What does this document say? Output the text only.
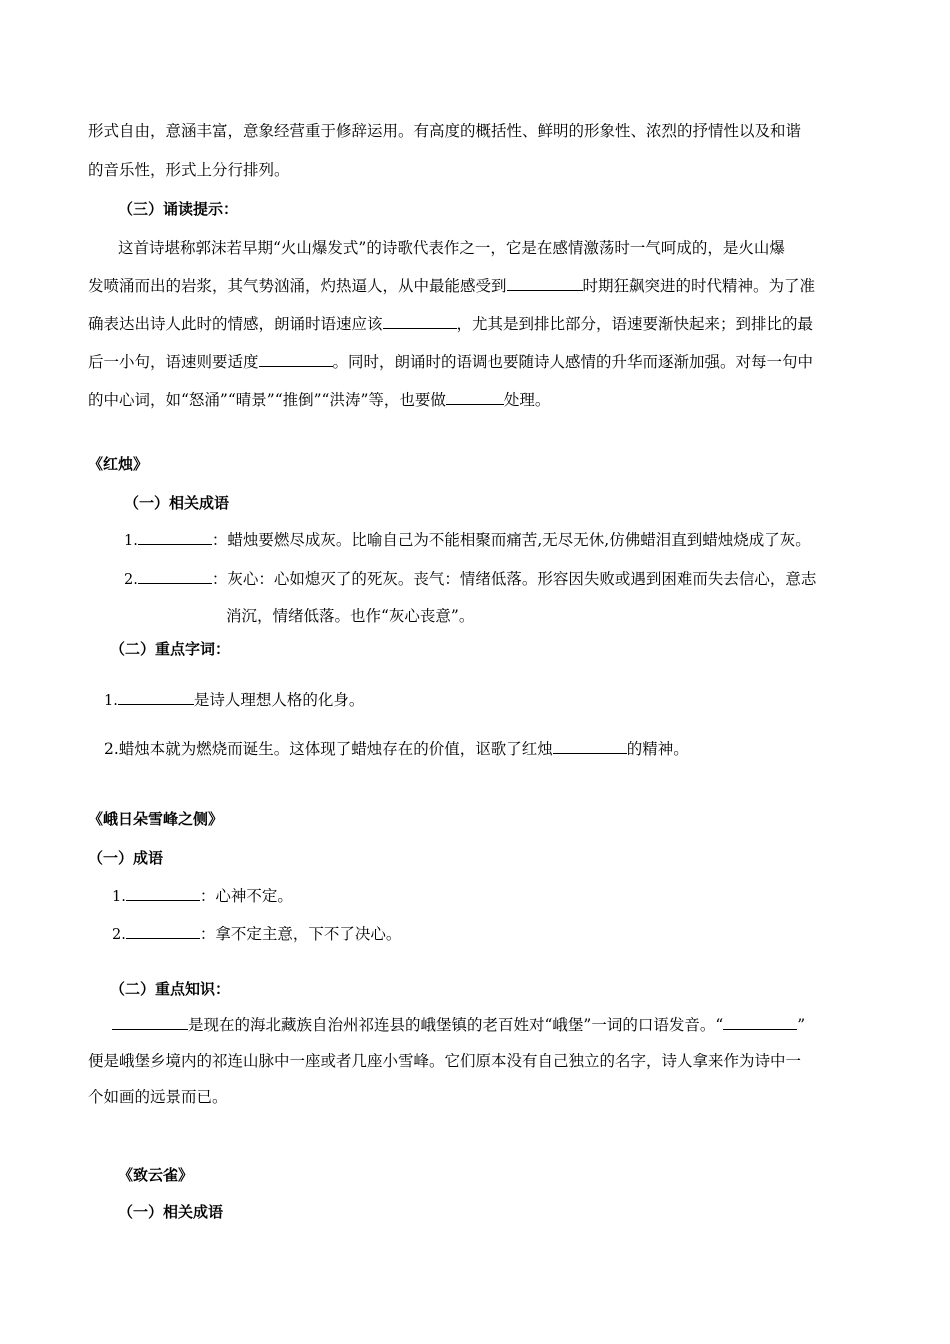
形式自由，意涵丰富，意象经营重于修辞运用。有高度的概括性、鲜明的形象性、浓烈的抒情性以及和谐
的音乐性，形式上分行排列。
（三）诵读提示：
这首诗堪称郭沫若早期“火山爆发式”的诗歌代表作之一，它是在感情激荡时一气呵成的，是火山爆
发喷涌而出的岩浆，其气势汹涌，灼热逼人，从中最能感受到	时期狂飙突进的时代精神。为了准
确表达出诗人此时的情感，朗诵时语速应该	，尤其是到排比部分，语速要渐快起来；到排比的最
后一小句，语速则要适度	。同时，朗诵时的语调也要随诗人感情的升华而逐渐加强。对每一句中
的中心词，如“怒涌”“晴景”“推倒”“洪涛”等，也要做	处理。
《红烛》
（一）相关成语
1.	：蜡烛要燃尽成灰。比喻自己为不能相聚而痛苦,无尽无休,仿佛蜡泪直到蜡烛烧成了灰。
2.	：灰心：心如熄灭了的死灰。丧气：情绪低落。形容因失败或遇到困难而失去信心，意志
消沉，情绪低落。也作“灰心丧意”。
（二）重点字词：
1.	是诗人理想人格的化身。
2.蜡烛本就为燃烧而诞生。这体现了蜡烛存在的价值，讴歌了红烛	的精神。
《峨日朵雪峰之侧》
（一）成语
1.	：心神不定。
2.	：拿不定主意，下不了决心。
（二）重点知识：
是现在的海北藏族自治州祁连县的峨堡镇的老百姓对“峨堡”一词的口语发音。“	”
便是峨堡乡境内的祁连山脉中一座或者几座小雪峰。它们原本没有自己独立的名字，诗人拿来作为诗中一
个如画的远景而已。
《致云雀》
（一）相关成语
